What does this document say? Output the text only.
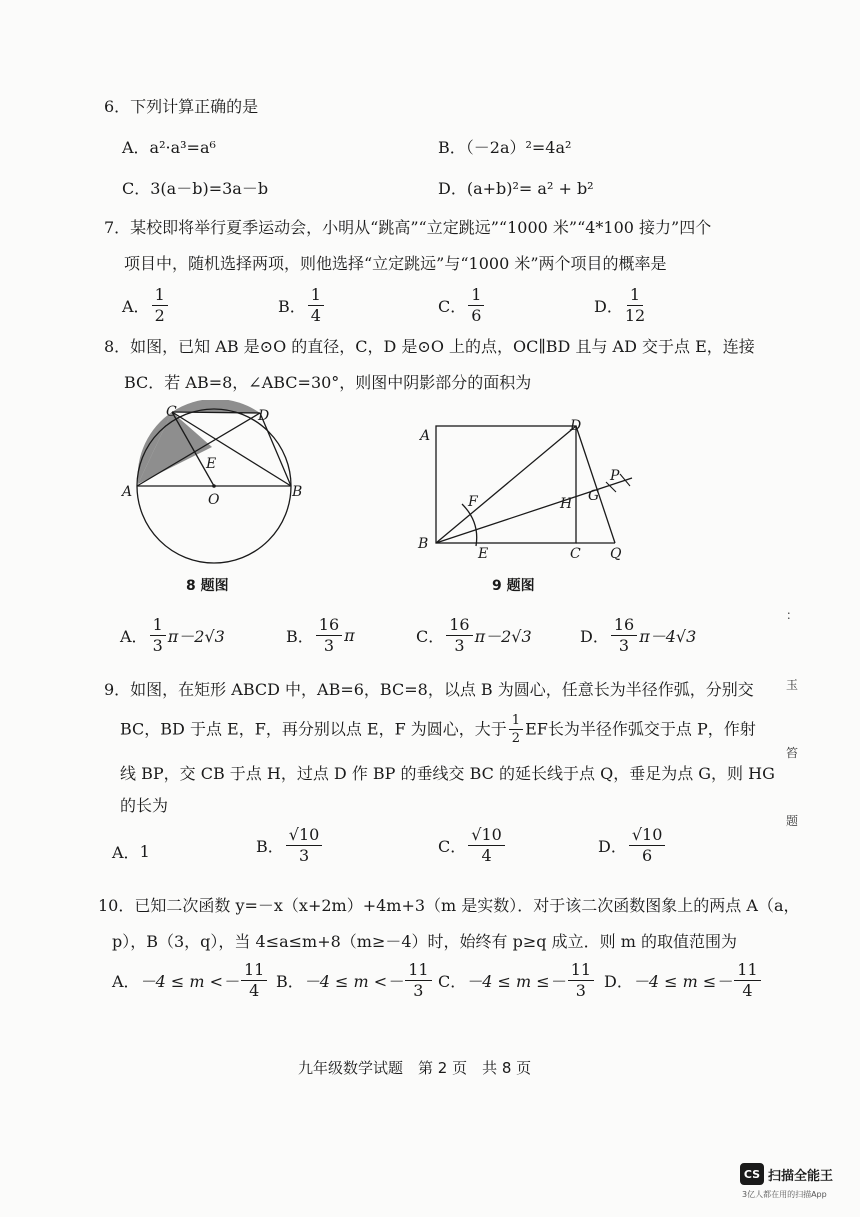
6．下列计算正确的是
A．a²·a³=a⁶	B．（－2a）²=4a²
C．3(a－b)=3a－b	D．(a+b)²= a² + b²
7．某校即将举行夏季运动会，小明从“跳高”“立定跳远”“1000 米”“4*100 接力”四个
项目中，随机选择两项，则他选择“立定跳远”与“1000 米”两个项目的概率是
A． $\frac{1}{2}$	B． $\frac{1}{4}$	C． $\frac{1}{6}$	D． $\frac{1}{12}$
8．如图，已知 AB 是⊙O 的直径，C，D 是⊙O 上的点，OC∥BD 且与 AD 交于点 E，连接
BC．若 AB=8，∠ABC=30°，则图中阴影部分的面积为
C	D
E
A	O	B
8 题图
A
D
B
F
E
H G
P
C Q
9 题图
A． $\frac{1}{3} \pi-2√3$	B． $\frac{16}{3}$ π	C． $\frac{16}{3} \pi-2√3$	D． $\frac{16}{3} \pi-4√3$
9．如图，在矩形 ABCD 中，AB=6，BC=8，以点 B 为圆心，任意长为半径作弧，分别交
BC，BD 于点 E，F，再分别以点 E，F 为圆心，大于 $\frac{1}{2}$ EF长为半径作弧交于点 P，作射
线 BP，交 CB 于点 H，过点 D 作 BP 的垂线交 BC 的延长线于点 Q，垂足为点 G，则 HG
的长为
A．1	B． $\frac{√10}{3}$	C． $\frac{√10}{4}$	D． $\frac{√10}{6}$
10．已知二次函数 y=－x（x+2m）+4m+3（m 是实数）．对于该二次函数图象上的两点 A（a，
p），B（3，q），当 4≤a≤m+8（m≥－4）时，始终有 p≥q 成立．则 m 的取值范围为
A．$-4 \le m <- \frac{11}{4}$ B．$-4 \le m <- \frac{11}{3}$ C．$-4 \le m \le- \frac{11}{3}$ D．$-4 \le m \le- \frac{11}{4}$
九年级数学试题　第 2 页　共 8 页
：
玉
笞
题
CS 扫描全能王
3亿人都在用的扫描App
